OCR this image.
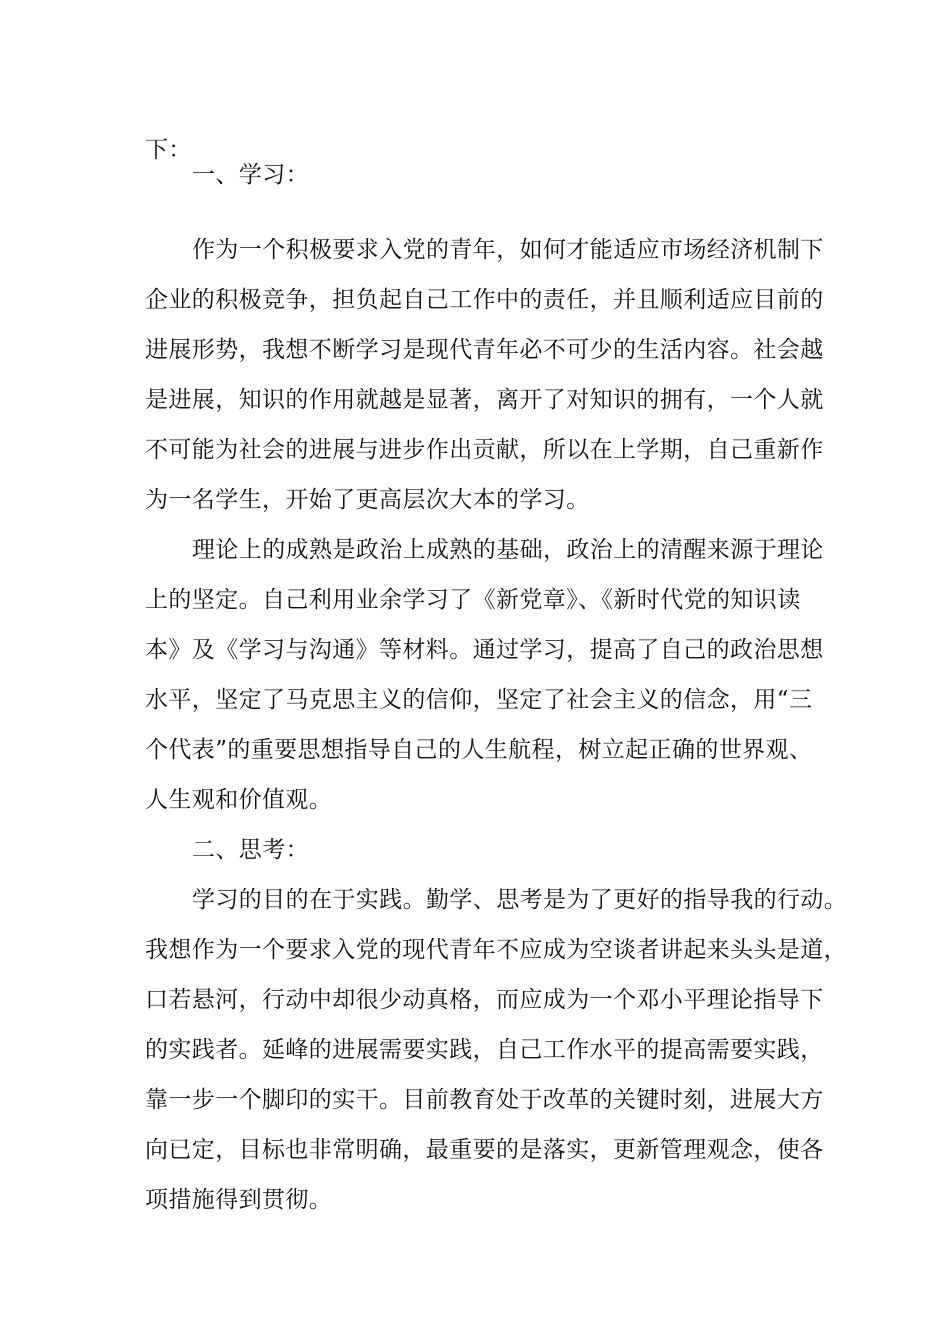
下：
一、学习：
作为一个积极要求入党的青年，如何才能适应市场经济机制下
企业的积极竞争，担负起自己工作中的责任，并且顺利适应目前的
进展形势，我想不断学习是现代青年必不可少的生活内容。社会越
是进展，知识的作用就越是显著，离开了对知识的拥有，一个人就
不可能为社会的进展与进步作出贡献，所以在上学期，自己重新作
为一名学生，开始了更高层次大本的学习。
理论上的成熟是政治上成熟的基础，政治上的清醒来源于理论
上的坚定。自己利用业余学习了《新党章》、《新时代党的知识读
本》及《学习与沟通》等材料。通过学习，提高了自己的政治思想
水平，坚定了马克思主义的信仰，坚定了社会主义的信念，用“三
个代表”的重要思想指导自己的人生航程，树立起正确的世界观、
人生观和价值观。
二、思考：
学习的目的在于实践。勤学、思考是为了更好的指导我的行动。
我想作为一个要求入党的现代青年不应成为空谈者讲起来头头是道，
口若悬河，行动中却很少动真格，而应成为一个邓小平理论指导下
的实践者。延峰的进展需要实践，自己工作水平的提高需要实践，
靠一步一个脚印的实干。目前教育处于改革的关键时刻，进展大方
向已定，目标也非常明确，最重要的是落实，更新管理观念，使各
项措施得到贯彻。
